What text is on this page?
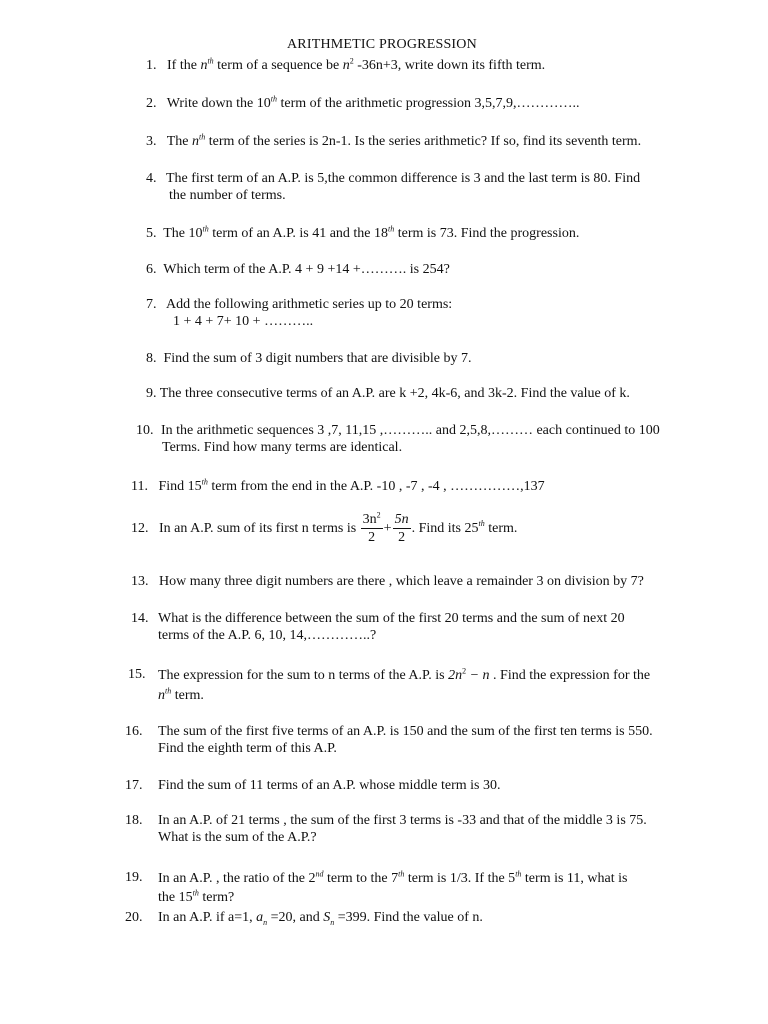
ARITHMETIC PROGRESSION
1. If the $n^{th}$ term of a sequence be $n^2$ -36n+3, write down its fifth term.
2. Write down the 10th term of the arithmetic progression 3,5,7,9,…………..
3. The $n^{th}$ term of the series is 2n-1. Is the series arithmetic? If so, find its seventh term.
4. The first term of an A.P. is 5,the common difference is 3 and the last term is 80. Find
the number of terms.
5. The 10th term of an A.P. is 41 and the 18th term is 73. Find the progression.
6. Which term of the A.P. 4 + 9 +14 +………. is 254?
7. Add the following arithmetic series up to 20 terms:
1 + 4 + 7+ 10 + ………..
8. Find the sum of 3 digit numbers that are divisible by 7.
9. The three consecutive terms of an A.P. are k +2, 4k-6, and 3k-2. Find the value of k.
10. In the arithmetic sequences 3 ,7, 11,15 ,……….. and 2,5,8,……… each continued to 100
Terms. Find how many terms are identical.
11. Find 15th term from the end in the A.P. -10 , -7 , -4 , ……………,137
12. In an A.P. sum of its first n terms is $\frac{3n^2}{2} + \frac{5n}{2}$ . Find its 25th term.
13. How many three digit numbers are there , which leave a remainder 3 on division by 7?
14. What is the difference between the sum of the first 20 terms and the sum of next 20
terms of the A.P. 6, 10, 14,…………..?
15. The expression for the sum to n terms of the A.P. is $2n^2 - n$ . Find the expression for the
$n^{th}$ term.
16. The sum of the first five terms of an A.P. is 150 and the sum of the first ten terms is 550.
Find the eighth term of this A.P.
17. Find the sum of 11 terms of an A.P. whose middle term is 30.
18. In an A.P. of 21 terms , the sum of the first 3 terms is -33 and that of the middle 3 is 75.
What is the sum of the A.P.?
19. In an A.P. , the ratio of the 2nd term to the 7th term is 1/3. If the 5th term is 11, what is
the 15th term?
20. In an A.P. if a=1, $a_n =20$, and $S_n =399$. Find the value of n.
